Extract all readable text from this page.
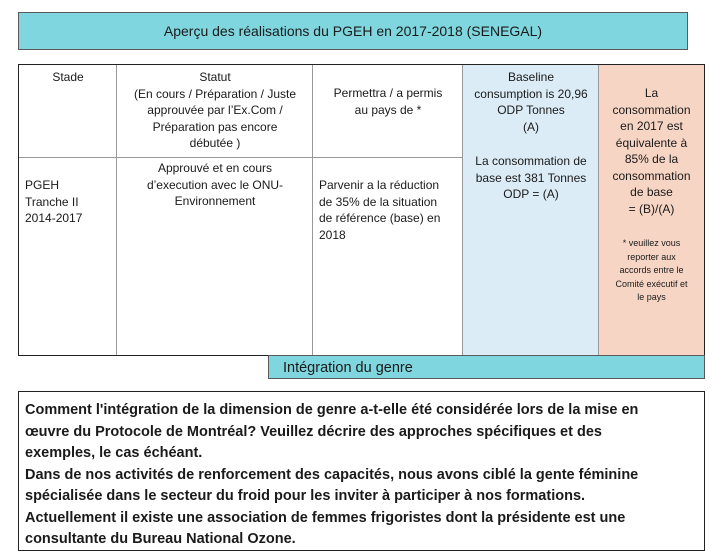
Aperçu des réalisations du PGEH en 2017-2018 (SENEGAL)
Stade
PGEH
Tranche II
2014-2017
Statut
(En cours / Préparation / Juste
approuvée par l’Ex.Com /
Préparation pas encore
débutée )
Approuvé et en cours
d’execution avec le ONU-
Environnement
Permettra / a permis
au pays de *
Parvenir a la réduction
de 35% de la situation
de référence (base) en
2018
Baseline
consumption is 20,96
ODP Tonnes
(A)
La consommation de
base est 381 Tonnes
ODP = (A)
La
consommation
en 2017 est
équivalente à
85% de la
consommation
de base
= (B)/(A)
* veuillez vous
reporter aux
accords entre le
Comité exécutif et
le pays
Intégration du genre

Comment l'intégration de la dimension de genre a-t-elle été considérée lors de la mise en
œuvre du Protocole de Montréal? Veuillez décrire des approches spécifiques et des
exemples, le cas échéant.

Dans de nos activités de renforcement des capacités, nous avons ciblé la gente féminine
spécialisée dans le secteur du froid pour les inviter à participer à nos formations.
Actuellement il existe une association de femmes frigoristes dont la présidente est une
consultante du Bureau National Ozone.
